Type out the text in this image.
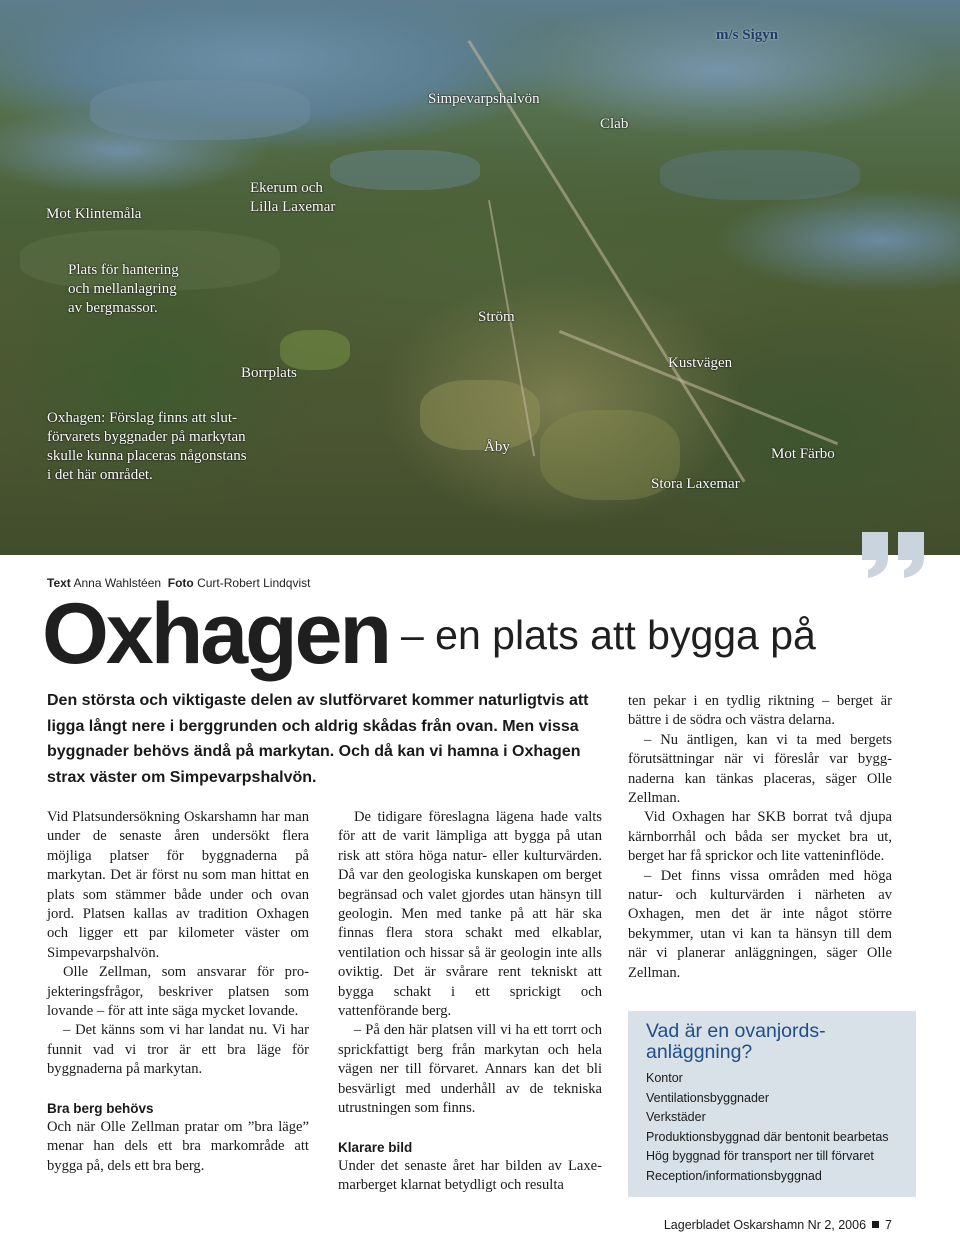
m/s Sigyn
Simpevarpshalvön
Clab
Mot Klintemåla
Ekerum och
Lilla Laxemar
Plats för hantering
och mellanlagring
av bergmassor.
Ström
Kustvägen
Borrplats
Oxhagen: Förslag finns att slut-
förvarets byggnader på markytan
skulle kunna placeras någonstans
i det här området.
Åby	Mot Färbo
Stora Laxemar
Text Anna Wahlstéen Foto Curt-Robert Lindqvist
Oxhagen – en plats att bygga på
Den största och viktigaste delen av slutförvaret kommer naturligtvis att ligga långt nere i berggrunden och aldrig skådas från ovan. Men vissa byggnader behövs ändå på markytan. Och då kan vi hamna i Oxhagen strax väster om Simpevarpshalvön.

Vid Platsundersökning Oskarshamn har man under de senaste åren undersökt flera möjliga platser för byggnaderna på markytan. Det är först nu som man hittat en plats som stämmer både under och ovan jord. Platsen kallas av tradition Oxhagen och ligger ett par kilometer väster om Simpevarpshalvön.

Olle Zellman, som ansvarar för projekteringsfrågor, beskriver platsen som lovande – för att inte säga mycket lovande.

– Det känns som vi har landat nu. Vi har funnit vad vi tror är ett bra läge för byggnaderna på markytan.

Bra berg behövs

Och när Olle Zellman pratar om ”bra läge” menar han dels ett bra markområde att bygga på, dels ett bra berg.

De tidigare föreslagna lägena hade valts för att de varit lämpliga att bygga på utan risk att störa höga natur- eller kulturvärden. Då var den geologiska kunskapen om berget begränsad och valet gjordes utan hänsyn till geologin. Men med tanke på att här ska finnas flera stora schakt med elkablar, ventilation och hissar så är geologin inte alls oviktig. Det är svårare rent tekniskt att bygga schakt i ett sprickigt och vattenförande berg.

– På den här platsen vill vi ha ett torrt och sprickfattigt berg från markytan och hela vägen ner till förvaret. Annars kan det bli besvärligt med underhåll av de tekniska utrustningen som finns.

Klarare bild

Under det senaste året har bilden av Laxemarberget klarnat betydligt och resulta

ten pekar i en tydlig riktning – berget är bättre i de södra och västra delarna.

– Nu äntligen, kan vi ta med bergets förutsättningar när vi föreslår var byggnaderna kan tänkas placeras, säger Olle Zellman.

Vid Oxhagen har SKB borrat två djupa kärnborrhål och båda ser mycket bra ut, berget har få sprickor och lite vatteninflöde.

– Det finns vissa områden med höga natur- och kulturvärden i närheten av Oxhagen, men det är inte något större bekymmer, utan vi kan ta hänsyn till dem när vi planerar anläggningen, säger Olle Zellman.

Vad är en ovanjordsanläggning?
Kontor
Ventilationsbyggnader
Verkstäder
Produktionsbyggnad där bentonit bearbetas
Hög byggnad för transport ner till förvaret
Reception/informationsbyggnad
Lagerbladet Oskarshamn Nr 2, 2006 7
